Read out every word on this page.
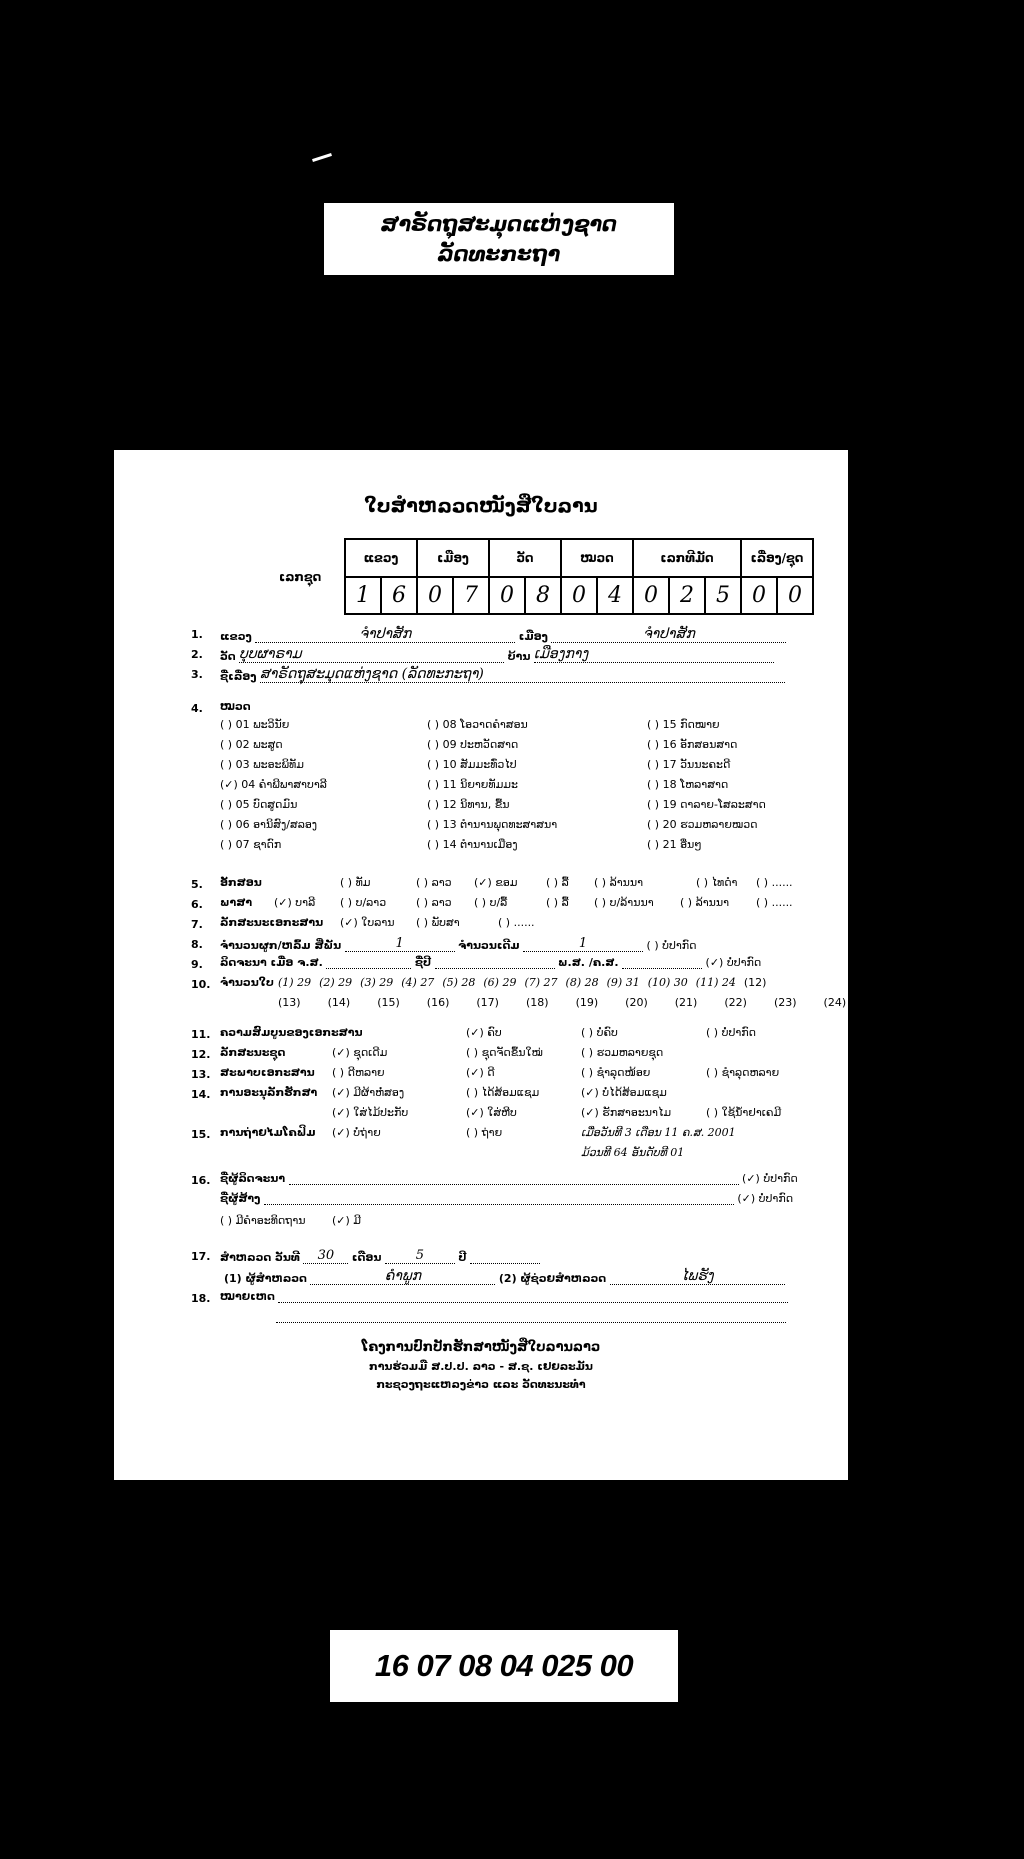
ສາຣັດຖຸສະມຸດແຫ່ງຊາດ
ລັດທະກະຖາ
ໃບສຳຫລວດໜັງສືໃບລານ
ເລກຊຸດ
ແຂວງ		ເມືອງ		ວັດ		ໝວດ		ເລກທີມັດ			ເລື່ອງ/ຊຸດ	
1	6	0	7	0	8	0	4	0	2	5	0	0
1. ແຂວງ	ຈຳປາສັກ	ເມືອງ	ຈຳປາສັກ
2. ວັດ ບຸບຜາຣາມ	ບ້ານ ເມືອງກາງ
3. ຊື່ເລື່ອງ ສາຣັດຖຸສະມຸດແຫ່ງຊາດ (ລັດທະກະຖາ)
4. ໝວດ
( ) 01 ພະວິນັຍ	( ) 08 ໂອວາດຄຳສອນ	( ) 15 ກົດໝາຍ
( ) 02 ພະສູດ	( ) 09 ປະຫວັດສາດ	( ) 16 ອັກສອນສາດ
( ) 03 ພະອະພິທັມ	( ) 10 ສັມມະທົ່ວໄປ	( ) 17 ວັນນະຄະດີ
(✓) 04 ຄຳພີພາສາບາລີ	( ) 11 ນິຍາຍທັມມະ	( ) 18 ໂຫລາສາດ
( ) 05 ບົດສູດມົນ	( ) 12 ນິທານ, ຂື້ນ	( ) 19 ດາລາຍ-ໂສລະສາດ
( ) 06 ອານິສົງ/ສລອງ	( ) 13 ຕຳນານພຸດທະສາສນາ	( ) 20 ຮວມຫລາຍໝວດ
( ) 07 ຊາດົກ	( ) 14 ຕຳນານເມືອງ	( ) 21 ອື່ນໆ
5. ອັກສອນ	( ) ທັມ	( ) ລາວ (✓) ຂອມ	( ) ລື້ ( ) ລ້ານນາ	( ) ໄທດຳ ( ) ......
6. ພາສາ (✓) ບາລີ ( ) ບ/ລາວ	( ) ລາວ ( ) ບ/ລື້	( ) ລື້ ( ) ບ/ລ້ານນາ ( ) ລ້ານນາ ( ) ......
7. ລັກສະນະເອກະສານ (✓) ໃບລານ ( ) ພັບສາ	( ) ......
8. ຈຳນວນຜູກ/ຫລົ້ມ ສີ່ພັນ	1	ຈຳນວນເດີມ	1	( ) ບໍ່ປາກົດ
9. ລິດຈະນາ ເມື່ອ ຈ.ສ.	ຊື່ປີ	ພ.ສ. /ຄ.ສ.	(✓) ບໍ່ປາກົດ
10. ຈຳນວນໃບ (1) 29 (2) 29 (3) 29 (4) 27 (5) 28 (6) 29 (7) 27 (8) 28 (9) 31 (10) 30 (11) 24 (12)
(13) (14) (15) (16) (17) (18) (19) (20) (21) (22) (23) (24)
11. ຄວາມສົມບູນຂອງເອກະສານ	(✓) ຄົບ	( ) ບໍ່ຄົບ	( ) ບໍ່ປາກົດ
12. ລັກສະນະຊຸດ	(✓) ຊຸດເດີມ	( ) ຊຸດຈັດຂຶ້ນໃໝ່	( ) ຮວມຫລາຍຊຸດ
13. ສະພາບເອກະສານ ( ) ດີຫລາຍ	(✓) ດີ	( ) ຊຳລຸດໜ້ອຍ	( ) ຊຳລຸດຫລາຍ
14. ການອະນຸລັກຮັກສາ (✓) ມີຜ້າຫໍ່ສອງ	( ) ໄດ້ສ້ອມແຊມ	(✓) ບໍ່ໄດ້ສ້ອມແຊມ
(✓) ໃສ່ໄມ້ປະກັບ	(✓) ໃສ່ຫີບ	(✓) ຮັກສາອະນາໄມ	( ) ໃຊ້ນ້ຳຢາເຄມີ
15. ການຖ່າຍໄມໂຄຟິມ (✓) ບໍ່ຖ່າຍ	( ) ຖ່າຍ	ເມື່ອວັນທີ 3 ເດືອນ 11 ຄ.ສ. 2001
ມ້ວນທີ 64 ອັນດັບທີ 01
16. ຊື່ຜູ້ລິດຈະນາ	(✓) ບໍ່ປາກົດ
ຊື່ຜູ້ສ້າງ	(✓) ບໍ່ປາກົດ
( ) ມີຄຳອະທິດຖານ (✓) ມີ
17. ສຳຫລວດ ວັນທີ 30 ເດືອນ	5	ປີ
(1) ຜູ້ສຳຫລວດ	ຄຳພູກ	(2) ຜູ້ຊ່ວຍສຳຫລວດ	ໄພຮັງ
18. ໝາຍເຫດ
ໂຄງການປົກປັກຮັກສາໜັງສືໃບລານລາວ
ການຮ່ວມມື ສ.ປ.ປ. ລາວ - ສ.ຊ. ເຢຍລະມັນ
ກະຊວງຖະແຫລງຂ່າວ ແລະ ວັດທະນະທຳ
16 07 08 04 025 00
